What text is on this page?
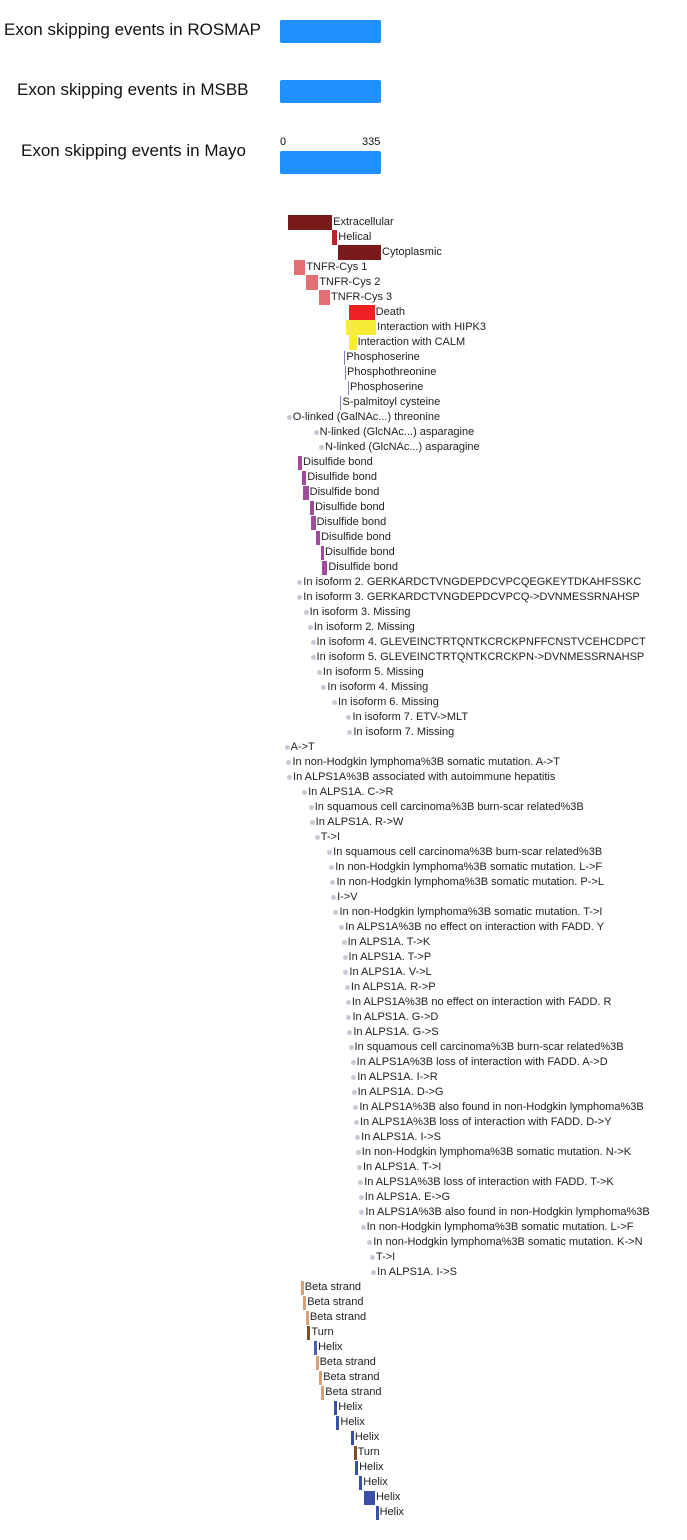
Exon skipping events in ROSMAP
Exon skipping events in MSBB
Exon skipping events in Mayo	0	335
Extracellular
Helical
Cytoplasmic
TNFR-Cys 1
TNFR-Cys 2
TNFR-Cys 3
Death
Interaction with HIPK3
Interaction with CALM
Phosphoserine
Phosphothreonine
Phosphoserine
S-palmitoyl cysteine
O-linked (GalNAc...) threonine
N-linked (GlcNAc...) asparagine
N-linked (GlcNAc...) asparagine
Disulfide bond
Disulfide bond
Disulfide bond
Disulfide bond
Disulfide bond
Disulfide bond
Disulfide bond
Disulfide bond
In isoform 2. GERKARDCTVNGDEPDCVPCQEGKEYTDKAHFSSKC
In isoform 3. GERKARDCTVNGDEPDCVPCQ->DVNMESSRNAHSP
In isoform 3. Missing
In isoform 2. Missing
In isoform 4. GLEVEINCTRTQNTKCRCKPNFFCNSTVCEHCDPCT
In isoform 5. GLEVEINCTRTQNTKCRCKPN->DVNMESSRNAHSP
In isoform 5. Missing
In isoform 4. Missing
In isoform 6. Missing
In isoform 7. ETV->MLT
In isoform 7. Missing
A->T
In non-Hodgkin lymphoma%3B somatic mutation. A->T
In ALPS1A%3B associated with autoimmune hepatitis
In ALPS1A. C->R
In squamous cell carcinoma%3B burn-scar related%3B
In ALPS1A. R->W
T->I
In squamous cell carcinoma%3B burn-scar related%3B
In non-Hodgkin lymphoma%3B somatic mutation. L->F
In non-Hodgkin lymphoma%3B somatic mutation. P->L
I->V
In non-Hodgkin lymphoma%3B somatic mutation. T->I
In ALPS1A%3B no effect on interaction with FADD. Y
In ALPS1A. T->K
In ALPS1A. T->P
In ALPS1A. V->L
In ALPS1A. R->P
In ALPS1A%3B no effect on interaction with FADD. R
In ALPS1A. G->D
In ALPS1A. G->S
In squamous cell carcinoma%3B burn-scar related%3B
In ALPS1A%3B loss of interaction with FADD. A->D
In ALPS1A. I->R
In ALPS1A. D->G
In ALPS1A%3B also found in non-Hodgkin lymphoma%3B
In ALPS1A%3B loss of interaction with FADD. D->Y
In ALPS1A. I->S
In non-Hodgkin lymphoma%3B somatic mutation. N->K
In ALPS1A. T->I
In ALPS1A%3B loss of interaction with FADD. T->K
In ALPS1A. E->G
In ALPS1A%3B also found in non-Hodgkin lymphoma%3B
In non-Hodgkin lymphoma%3B somatic mutation. L->F
In non-Hodgkin lymphoma%3B somatic mutation. K->N
T->I
In ALPS1A. I->S
Beta strand
Beta strand
Beta strand
Turn
Helix
Beta strand
Beta strand
Beta strand
Helix
Helix
Helix
Turn
Helix
Helix
Helix
Helix
